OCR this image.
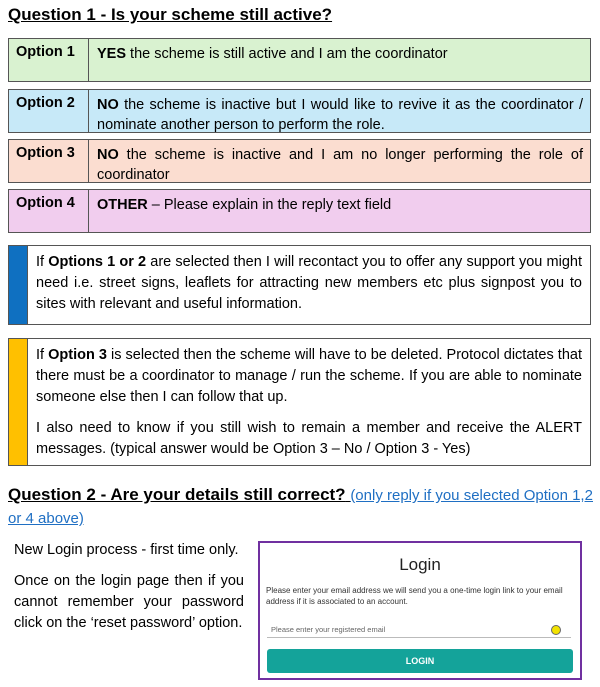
Question 1 - Is your scheme still active?
Option 1	YES the scheme is still active and I am the coordinator
Option 2	NO the scheme is inactive but I would like to revive it as the coordinator / nominate another person to perform the role.
Option 3	NO the scheme is inactive and I am no longer performing the role of coordinator
Option 4	OTHER – Please explain in the reply text field

If Options 1 or 2 are selected then I will recontact you to offer any support you might need i.e. street signs, leaflets for attracting new members etc plus signpost you to sites with relevant and useful information.

If Option 3 is selected then the scheme will have to be deleted. Protocol dictates that there must be a coordinator to manage / run the scheme. If you are able to nominate someone else then I can follow that up.

I also need to know if you still wish to remain a member and receive the ALERT messages. (typical answer would be Option 3 – No / Option 3 - Yes)

Question 2 - Are your details still correct? (only reply if you selected Option 1,2 or 4 above)

New Login process - first time only.

Once on the login page then if you cannot remember your password click on the ‘reset password’ option.

Login
Please enter your email address we will send you a one-time login link to your email address if it is associated to an account.
Please enter your registered email
LOGIN
